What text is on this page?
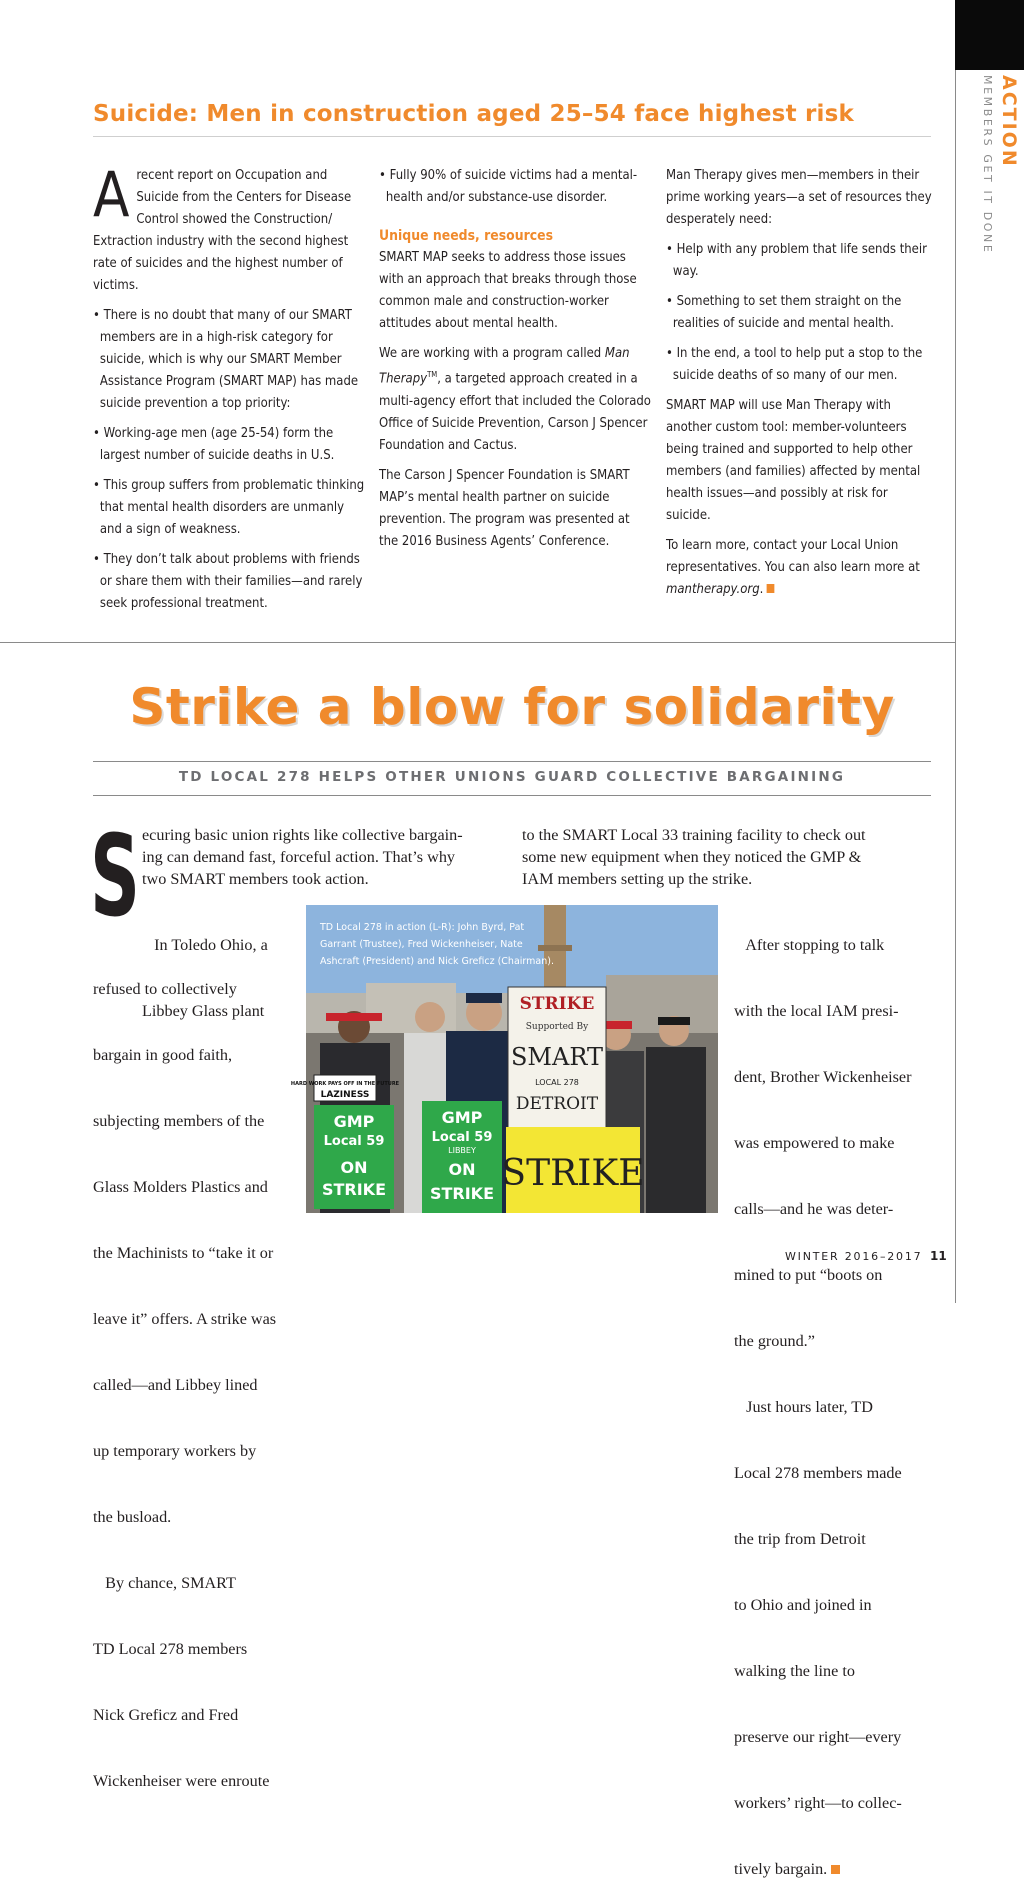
ACTION
MEMBERS GET IT DONE
Suicide: Men in construction aged 25–54 face highest risk

Arecent report on Occupation and Suicide from the Centers for Disease Control showed the Construction/ Extraction industry with the second highest rate of suicides and the highest number of victims.

• There is no doubt that many of our SMART members are in a high-risk category for suicide, which is why our SMART Member Assistance Program (SMART MAP) has made suicide prevention a top priority:

• Working-age men (age 25-54) form the largest number of suicide deaths in U.S.

• This group suffers from problematic thinking that mental health disorders are unmanly and a sign of weakness.

• They don’t talk about problems with friends or share them with their families—and rarely seek professional treatment.

• Fully 90% of suicide victims had a mental-health and/or substance-use disorder.

Unique needs, resources

SMART MAP seeks to address those issues with an approach that breaks through those common male and construction-worker attitudes about mental health.

We are working with a program called Man Therapy™, a targeted approach created in a multi-agency effort that included the Colorado Office of Suicide Prevention, Carson J Spencer Foundation and Cactus.

The Carson J Spencer Foundation is SMART MAP’s mental health partner on suicide prevention. The program was presented at the 2016 Business Agents’ Conference.

Man Therapy gives men—members in their prime working years—a set of resources they desperately need:

• Help with any problem that life sends their way.

• Something to set them straight on the realities of suicide and mental health.

• In the end, a tool to help put a stop to the suicide deaths of so many of our men.

SMART MAP will use Man Therapy with another custom tool: member-volunteers being trained and supported to help other members (and families) affected by mental health issues—and possibly at risk for suicide.

To learn more, contact your Local Union representatives. You can also learn more at mantherapy.org.

Strike a blow for solidarity
TD LOCAL 278 HELPS OTHER UNIONS GUARD COLLECTIVE BARGAINING
S ecuring basic union rights like collective bargain-
ing can demand fast, forceful action. That’s why
two SMART members took action.

In Toledo Ohio, a

Libbey Glass plant

refused to collectively

bargain in good faith,

subjecting members of the

Glass Molders Plastics and

the Machinists to “take it or

leave it” offers. A strike was

called—and Libbey lined

up temporary workers by

the busload.

By chance, SMART

TD Local 278 members

Nick Greficz and Fred

Wickenheiser were enroute

to the SMART Local 33 training facility to check out
some new equipment when they noticed the GMP &
IAM members setting up the strike.

After stopping to talk

with the local IAM presi-

dent, Brother Wickenheiser

was empowered to make

calls—and he was deter-

mined to put “boots on

the ground.”

Just hours later, TD

Local 278 members made

the trip from Detroit

to Ohio and joined in

walking the line to

preserve our right—every

workers’ right—to collec-

tively bargain.

HARD WORK PAYS OFF IN THE FUTURE
LAZINESS
GMP
Local 59
ON
STRIKE
GMP
Local 59
LIBBEY
ON
STRIKE
STRIKE
Supported By
SMART
LOCAL 278
DETROIT
STRIKE
TD Local 278 in action (L-R): John Byrd, Pat
Garrant (Trustee), Fred Wickenheiser, Nate
Ashcraft (President) and Nick Greficz (Chairman).
WINTER 2016–2017 11
